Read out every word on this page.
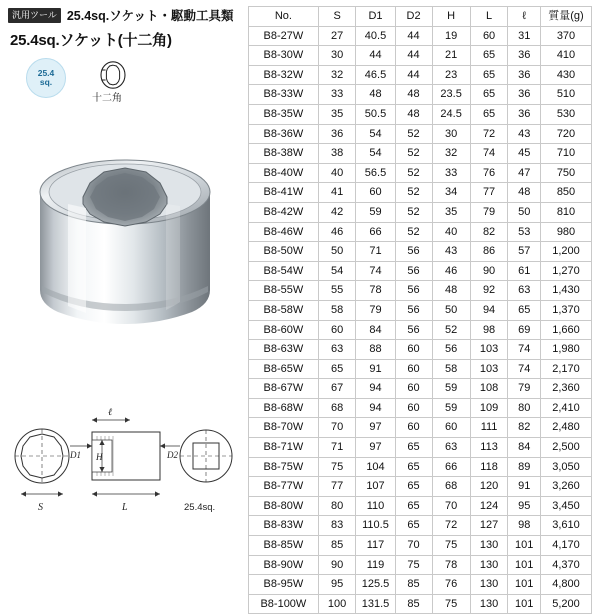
汎用ツール 25.4sq.ソケット・駆動工具類
25.4sq.ソケット(十二角)
25.4
sq.
十二角
S
ℓ
D1	D2
H
L	25.4sq.
No.	S	D1	D2	H	L	ℓ	質量(g)
B8-27W	27	40.5	44	19	60	31	370
B8-30W	30	44	44	21	65	36	410
B8-32W	32	46.5	44	23	65	36	430
B8-33W	33	48	48	23.5	65	36	510
B8-35W	35	50.5	48	24.5	65	36	530
B8-36W	36	54	52	30	72	43	720
B8-38W	38	54	52	32	74	45	710
B8-40W	40	56.5	52	33	76	47	750
B8-41W	41	60	52	34	77	48	850
B8-42W	42	59	52	35	79	50	810
B8-46W	46	66	52	40	82	53	980
B8-50W	50	71	56	43	86	57	1,200
B8-54W	54	74	56	46	90	61	1,270
B8-55W	55	78	56	48	92	63	1,430
B8-58W	58	79	56	50	94	65	1,370
B8-60W	60	84	56	52	98	69	1,660
B8-63W	63	88	60	56	103	74	1,980
B8-65W	65	91	60	58	103	74	2,170
B8-67W	67	94	60	59	108	79	2,360
B8-68W	68	94	60	59	109	80	2,410
B8-70W	70	97	60	60	111	82	2,480
B8-71W	71	97	65	63	113	84	2,500
B8-75W	75	104	65	66	118	89	3,050
B8-77W	77	107	65	68	120	91	3,260
B8-80W	80	110	65	70	124	95	3,450
B8-83W	83	110.5	65	72	127	98	3,610
B8-85W	85	117	70	75	130	101	4,170
B8-90W	90	119	75	78	130	101	4,370
B8-95W	95	125.5	85	76	130	101	4,800
B8-100W	100	131.5	85	75	130	101	5,200
